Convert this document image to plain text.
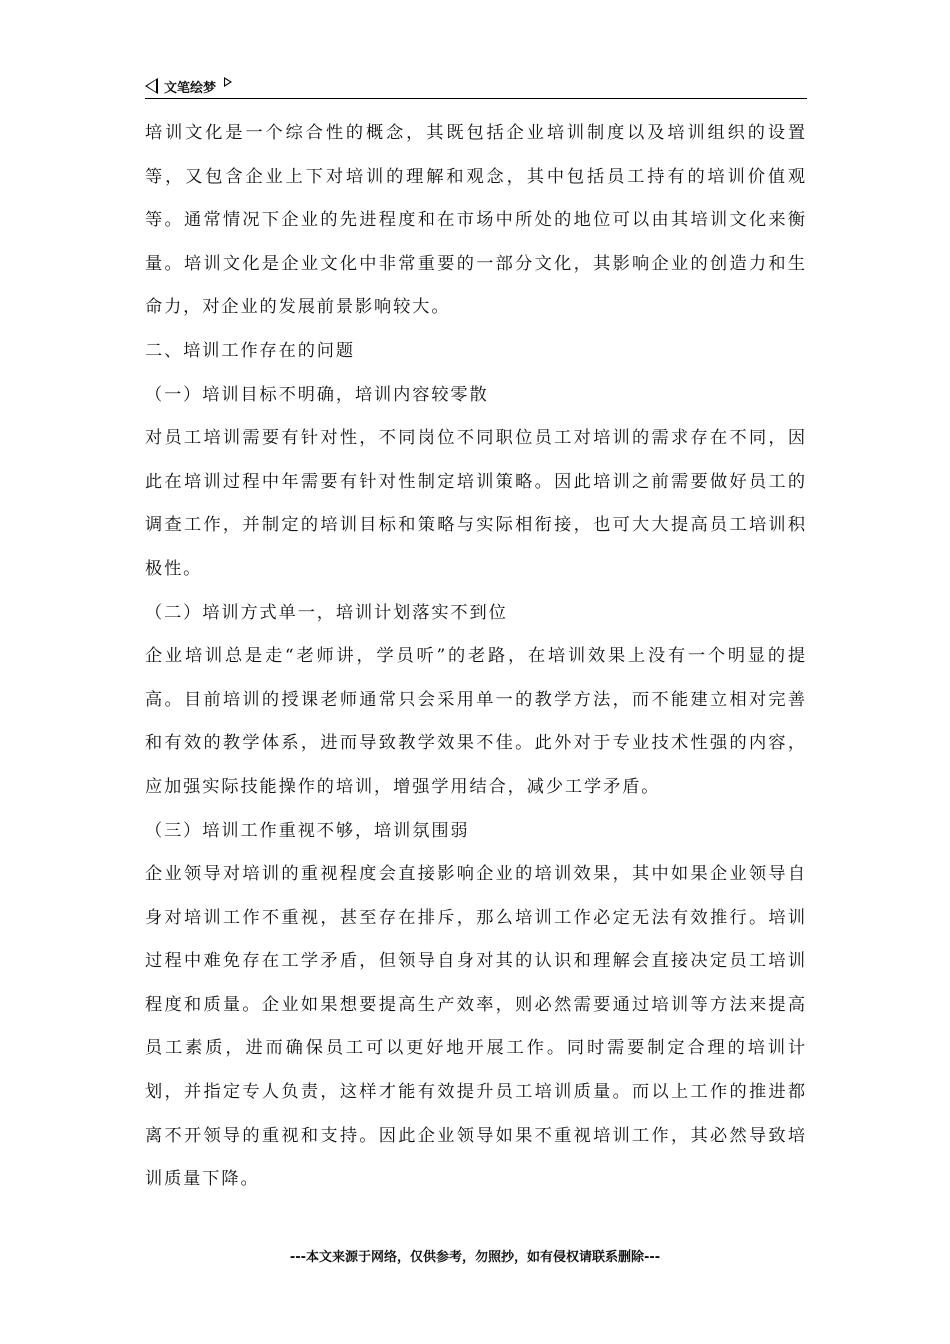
文笔绘梦

培训文化是一个综合性的概念，其既包括企业培训制度以及培训组织的设置等，又包含企业上下对培训的理解和观念，其中包括员工持有的培训价值观等。通常情况下企业的先进程度和在市场中所处的地位可以由其培训文化来衡量。培训文化是企业文化中非常重要的一部分文化，其影响企业的创造力和生命力，对企业的发展前景影响较大。

二、培训工作存在的问题

（一）培训目标不明确，培训内容较零散

对员工培训需要有针对性，不同岗位不同职位员工对培训的需求存在不同，因此在培训过程中年需要有针对性制定培训策略。因此培训之前需要做好员工的调查工作，并制定的培训目标和策略与实际相衔接，也可大大提高员工培训积极性。

（二）培训方式单一，培训计划落实不到位

企业培训总是走“老师讲，学员听”的老路，在培训效果上没有一个明显的提高。目前培训的授课老师通常只会采用单一的教学方法，而不能建立相对完善和有效的教学体系，进而导致教学效果不佳。此外对于专业技术性强的内容，应加强实际技能操作的培训，增强学用结合，减少工学矛盾。

（三）培训工作重视不够，培训氛围弱

企业领导对培训的重视程度会直接影响企业的培训效果，其中如果企业领导自身对培训工作不重视，甚至存在排斥，那么培训工作必定无法有效推行。培训过程中难免存在工学矛盾，但领导自身对其的认识和理解会直接决定员工培训程度和质量。企业如果想要提高生产效率，则必然需要通过培训等方法来提高员工素质，进而确保员工可以更好地开展工作。同时需要制定合理的培训计划，并指定专人负责，这样才能有效提升员工培训质量。而以上工作的推进都离不开领导的重视和支持。因此企业领导如果不重视培训工作，其必然导致培训质量下降。

---本文来源于网络，仅供参考，勿照抄，如有侵权请联系删除---
